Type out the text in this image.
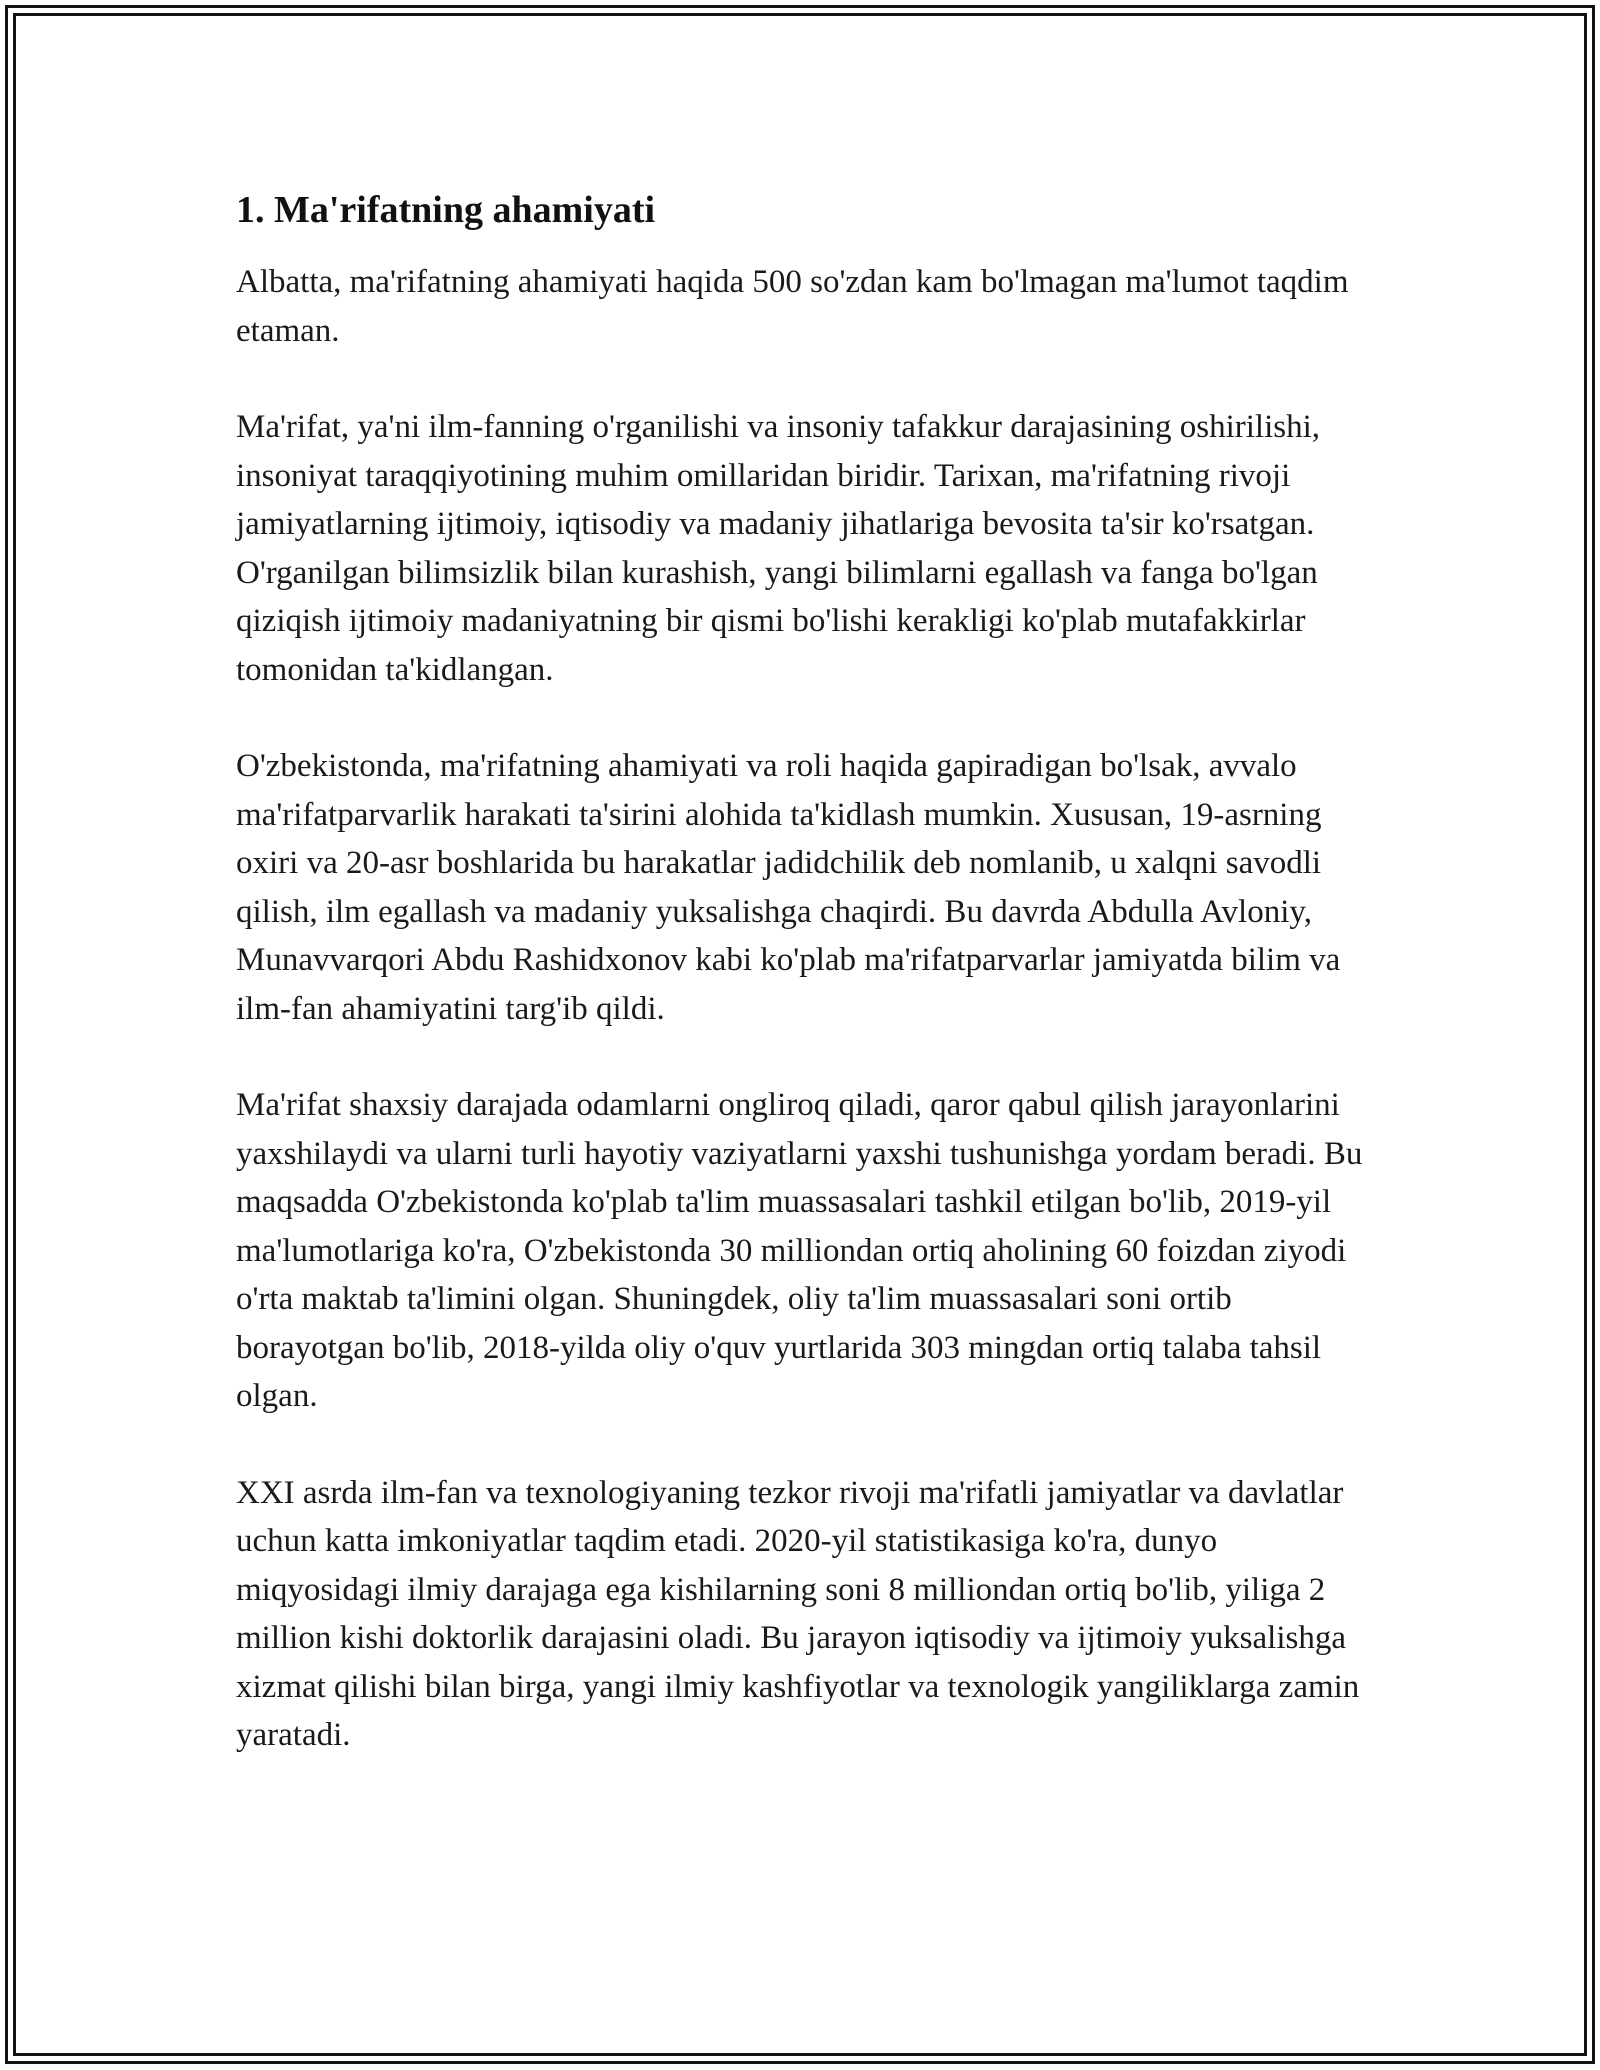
1. Ma'rifatning ahamiyati

Albatta, ma'rifatning ahamiyati haqida 500 so'zdan kam bo'lmagan ma'lumot taqdim etaman.

Ma'rifat, ya'ni ilm-fanning o'rganilishi va insoniy tafakkur darajasining oshirilishi, insoniyat taraqqiyotining muhim omillaridan biridir. Tarixan, ma'rifatning rivoji jamiyatlarning ijtimoiy, iqtisodiy va madaniy jihatlariga bevosita ta'sir ko'rsatgan. O'rganilgan bilimsizlik bilan kurashish, yangi bilimlarni egallash va fanga bo'lgan qiziqish ijtimoiy madaniyatning bir qismi bo'lishi kerakligi ko'plab mutafakkirlar tomonidan ta'kidlangan.

O'zbekistonda, ma'rifatning ahamiyati va roli haqida gapiradigan bo'lsak, avvalo ma'rifatparvarlik harakati ta'sirini alohida ta'kidlash mumkin. Xususan, 19-asrning oxiri va 20-asr boshlarida bu harakatlar jadidchilik deb nomlanib, u xalqni savodli qilish, ilm egallash va madaniy yuksalishga chaqirdi. Bu davrda Abdulla Avloniy, Munavvarqori Abdu Rashidxonov kabi ko'plab ma'rifatparvarlar jamiyatda bilim va ilm-fan ahamiyatini targ'ib qildi.

Ma'rifat shaxsiy darajada odamlarni ongliroq qiladi, qaror qabul qilish jarayonlarini yaxshilaydi va ularni turli hayotiy vaziyatlarni yaxshi tushunishga yordam beradi. Bu maqsadda O'zbekistonda ko'plab ta'lim muassasalari tashkil etilgan bo'lib, 2019-yil ma'lumotlariga ko'ra, O'zbekistonda 30 milliondan ortiq aholining 60 foizdan ziyodi o'rta maktab ta'limini olgan. Shuningdek, oliy ta'lim muassasalari soni ortib borayotgan bo'lib, 2018-yilda oliy o'quv yurtlarida 303 mingdan ortiq talaba tahsil olgan.

XXI asrda ilm-fan va texnologiyaning tezkor rivoji ma'rifatli jamiyatlar va davlatlar uchun katta imkoniyatlar taqdim etadi. 2020-yil statistikasiga ko'ra, dunyo miqyosidagi ilmiy darajaga ega kishilarning soni 8 milliondan ortiq bo'lib, yiliga 2 million kishi doktorlik darajasini oladi. Bu jarayon iqtisodiy va ijtimoiy yuksalishga xizmat qilishi bilan birga, yangi ilmiy kashfiyotlar va texnologik yangiliklarga zamin yaratadi.
